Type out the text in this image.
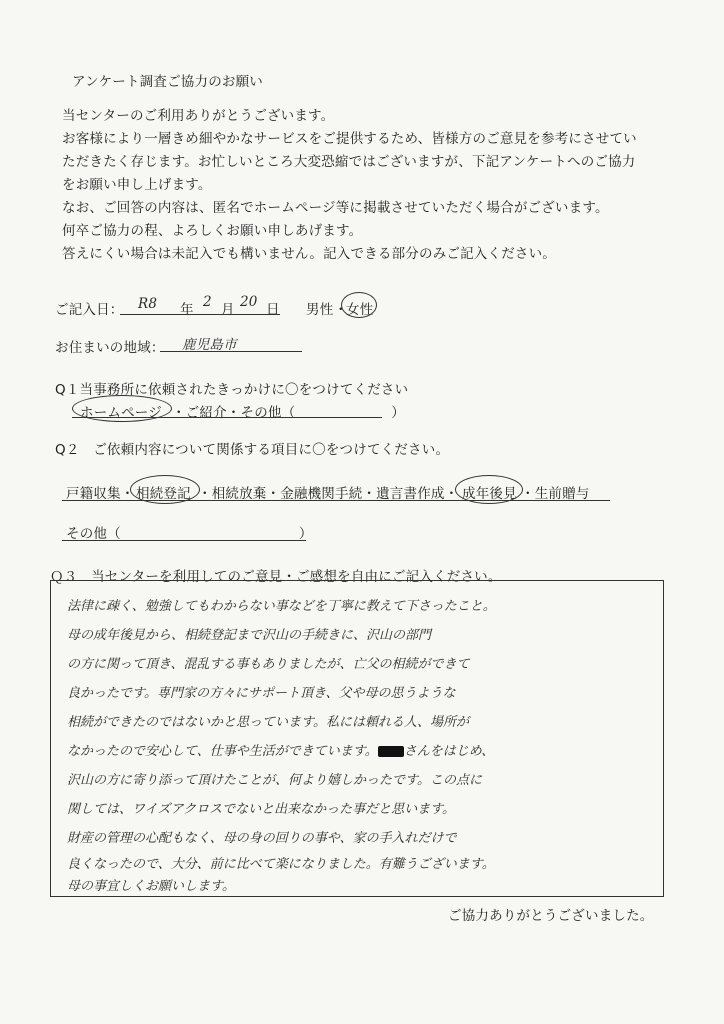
アンケート調査ご協力のお願い
当センターのご利用ありがとうございます。
お客様により一層きめ細やかなサービスをご提供するため、皆様方のご意見を参考にさせてい
ただきたく存じます。お忙しいところ大変恐縮ではございますが、下記アンケートへのご協力
をお願い申し上げます。
なお、ご回答の内容は、匿名でホームページ等に掲載させていただく場合がございます。
何卒ご協力の程、よろしくお願い申しあげます。
答えにくい場合は未記入でも構いません。記入できる部分のみご記入ください。
ご記入日： R8 年 2 月 20 日 男性 ・
女性
お住まいの地域： 鹿児島市
Q１当事務所に依頼されたきっかけに〇をつけてください
ホームページ ・ご紹介・その他（　　　　　　　）
Q２　ご依頼内容について関係する項目に〇をつけてください。
戸籍収集・ 相続登記 ・相続放棄・金融機関手続・遺言書作成・ 成年後見 ・生前贈与
その他（　　　　　　　　　　　　　）
Ｑ３　当センターを利用してのご意見・ご感想を自由にご記入ください。
法律に疎く、勉強してもわからない事などを丁寧に教えて下さったこと。
母の成年後見から、相続登記まで沢山の手続きに、沢山の部門
の方に関って頂き、混乱する事もありましたが、亡父の相続ができて
良かったです。専門家の方々にサポート頂き、父や母の思うような
相続ができたのではないかと思っています。私には頼れる人、場所が
なかったので安心して、仕事や生活ができています。 さんをはじめ、
沢山の方に寄り添って頂けたことが、何より嬉しかったです。この点に
関しては、ワイズアクロスでないと出来なかった事だと思います。
財産の管理の心配もなく、母の身の回りの事や、家の手入れだけで
良くなったので、大分、前に比べて楽になりました。有難うございます。
母の事宜しくお願いします。
ご協力ありがとうございました。
